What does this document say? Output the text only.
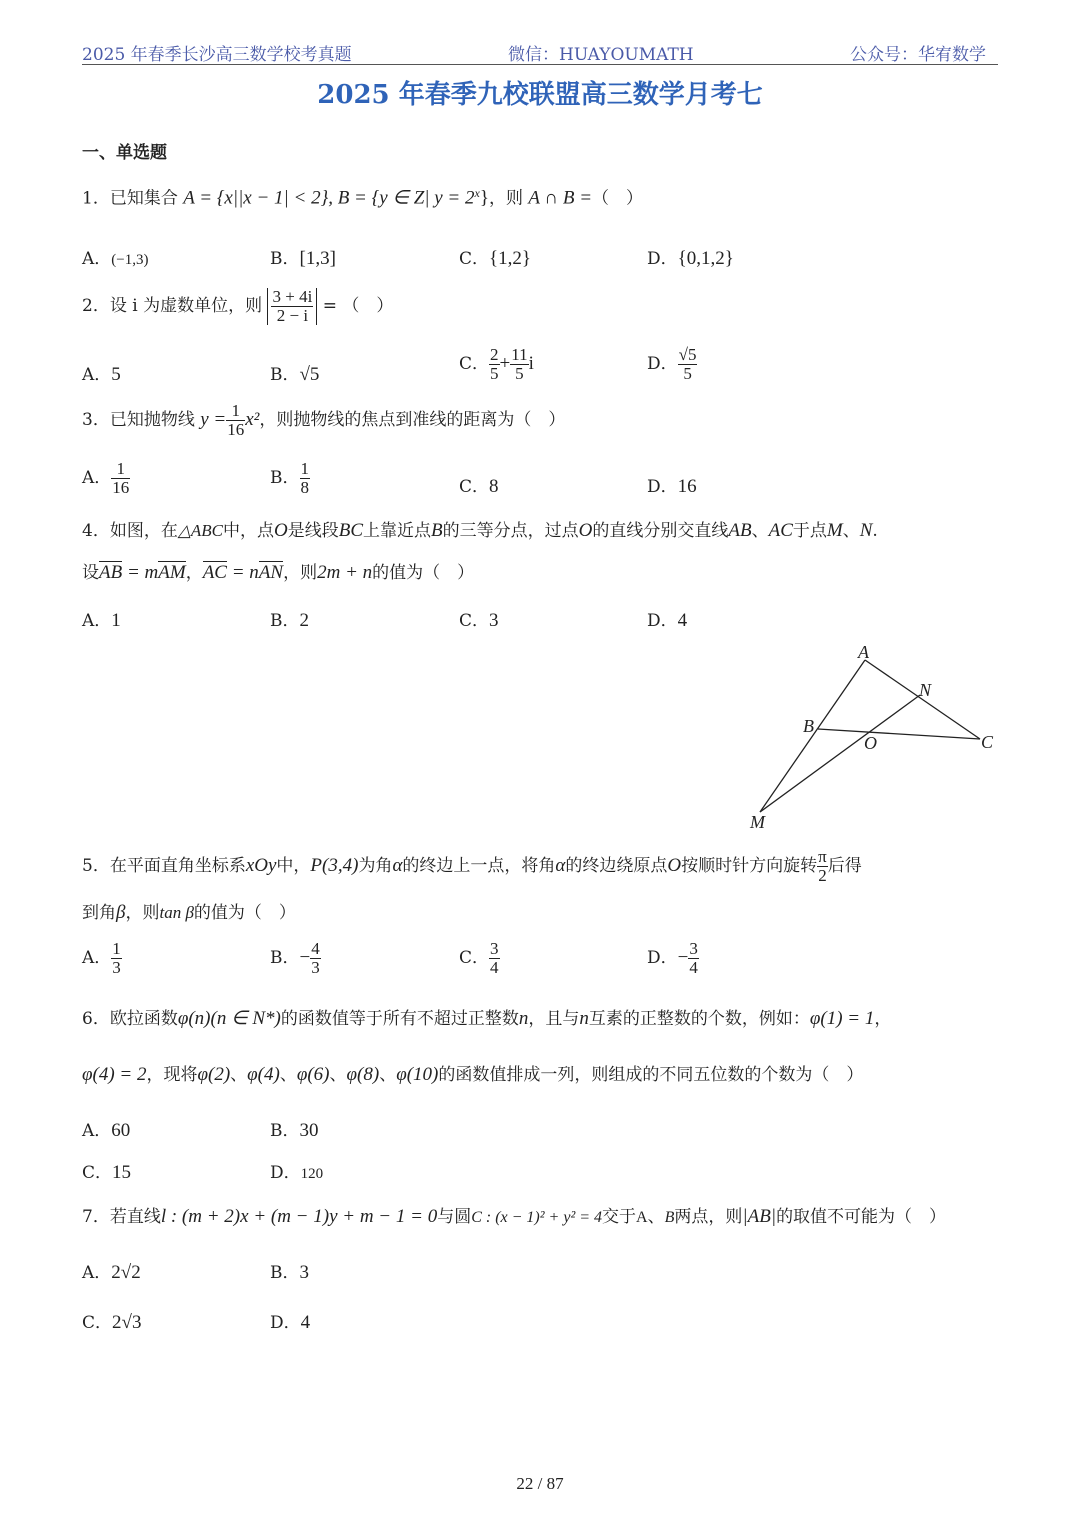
2025 年春季长沙高三数学校考真题	微信：HUAYOUMATH	公众号：华宥数学
2025 年春季九校联盟高三数学月考七
一、单选题
1．已知集合 A = {x||x − 1| < 2}, B = {y ∈ Z| $y = 2^x$}，则 A ∩ B =（　）
A．(−1,3)	B．[1,3]	C．{1,2}	D．{0,1,2}
2．设 i 为虚数单位，则 $\frac{3 + 4i}{2 - i}$ = （　）
A．5	B．√5
C． $\frac{2}{5} + \frac{11}{5}$ i	D． $\frac{√5}{5}$
3．已知抛物线 $y = \frac{1}{16} x^2$，则抛物线的焦点到准线的距离为（　）
A． $\frac{1}{16}$	B． $\frac{1}{8}$	C．8	D．16
4．如图，在△ABC中，点O是线段BC上靠近点B的三等分点，过点O的直线分别交直线AB、AC于点M、N.
设AB = mAM，AC = nAN，则2m + n的值为（　）
A．1	B．2	C．3	D．4
A
N
B
O	C
M
5．在平面直角坐标系xOy中，P(3,4)为角α的终边上一点，将角α的终边绕原点O按顺时针方向旋转 $\frac{\pi}{2}$ 后得
到角β，则tan β的值为（　）
A． $\frac{1}{3}$	B．− $\frac{4}{3}$	C． $\frac{3}{4}$	D．− $\frac{3}{4}$
6．欧拉函数φ(n)(n ∈ N*)的函数值等于所有不超过正整数n，且与n互素的正整数的个数，例如：φ(1) = 1，
φ(4) = 2，现将φ(2)、φ(4)、φ(6)、φ(8)、φ(10)的函数值排成一列，则组成的不同五位数的个数为（　）
A．60	B．30
C．15	D．120
7．若直线l : (m + 2)x + (m − 1)y + m − 1 = 0与圆C : (x − 1)² + y² = 4交于A、B两点，则|AB|的取值不可能为（　）
A．2√2	B．3
C．2√3	D．4
22 / 87
